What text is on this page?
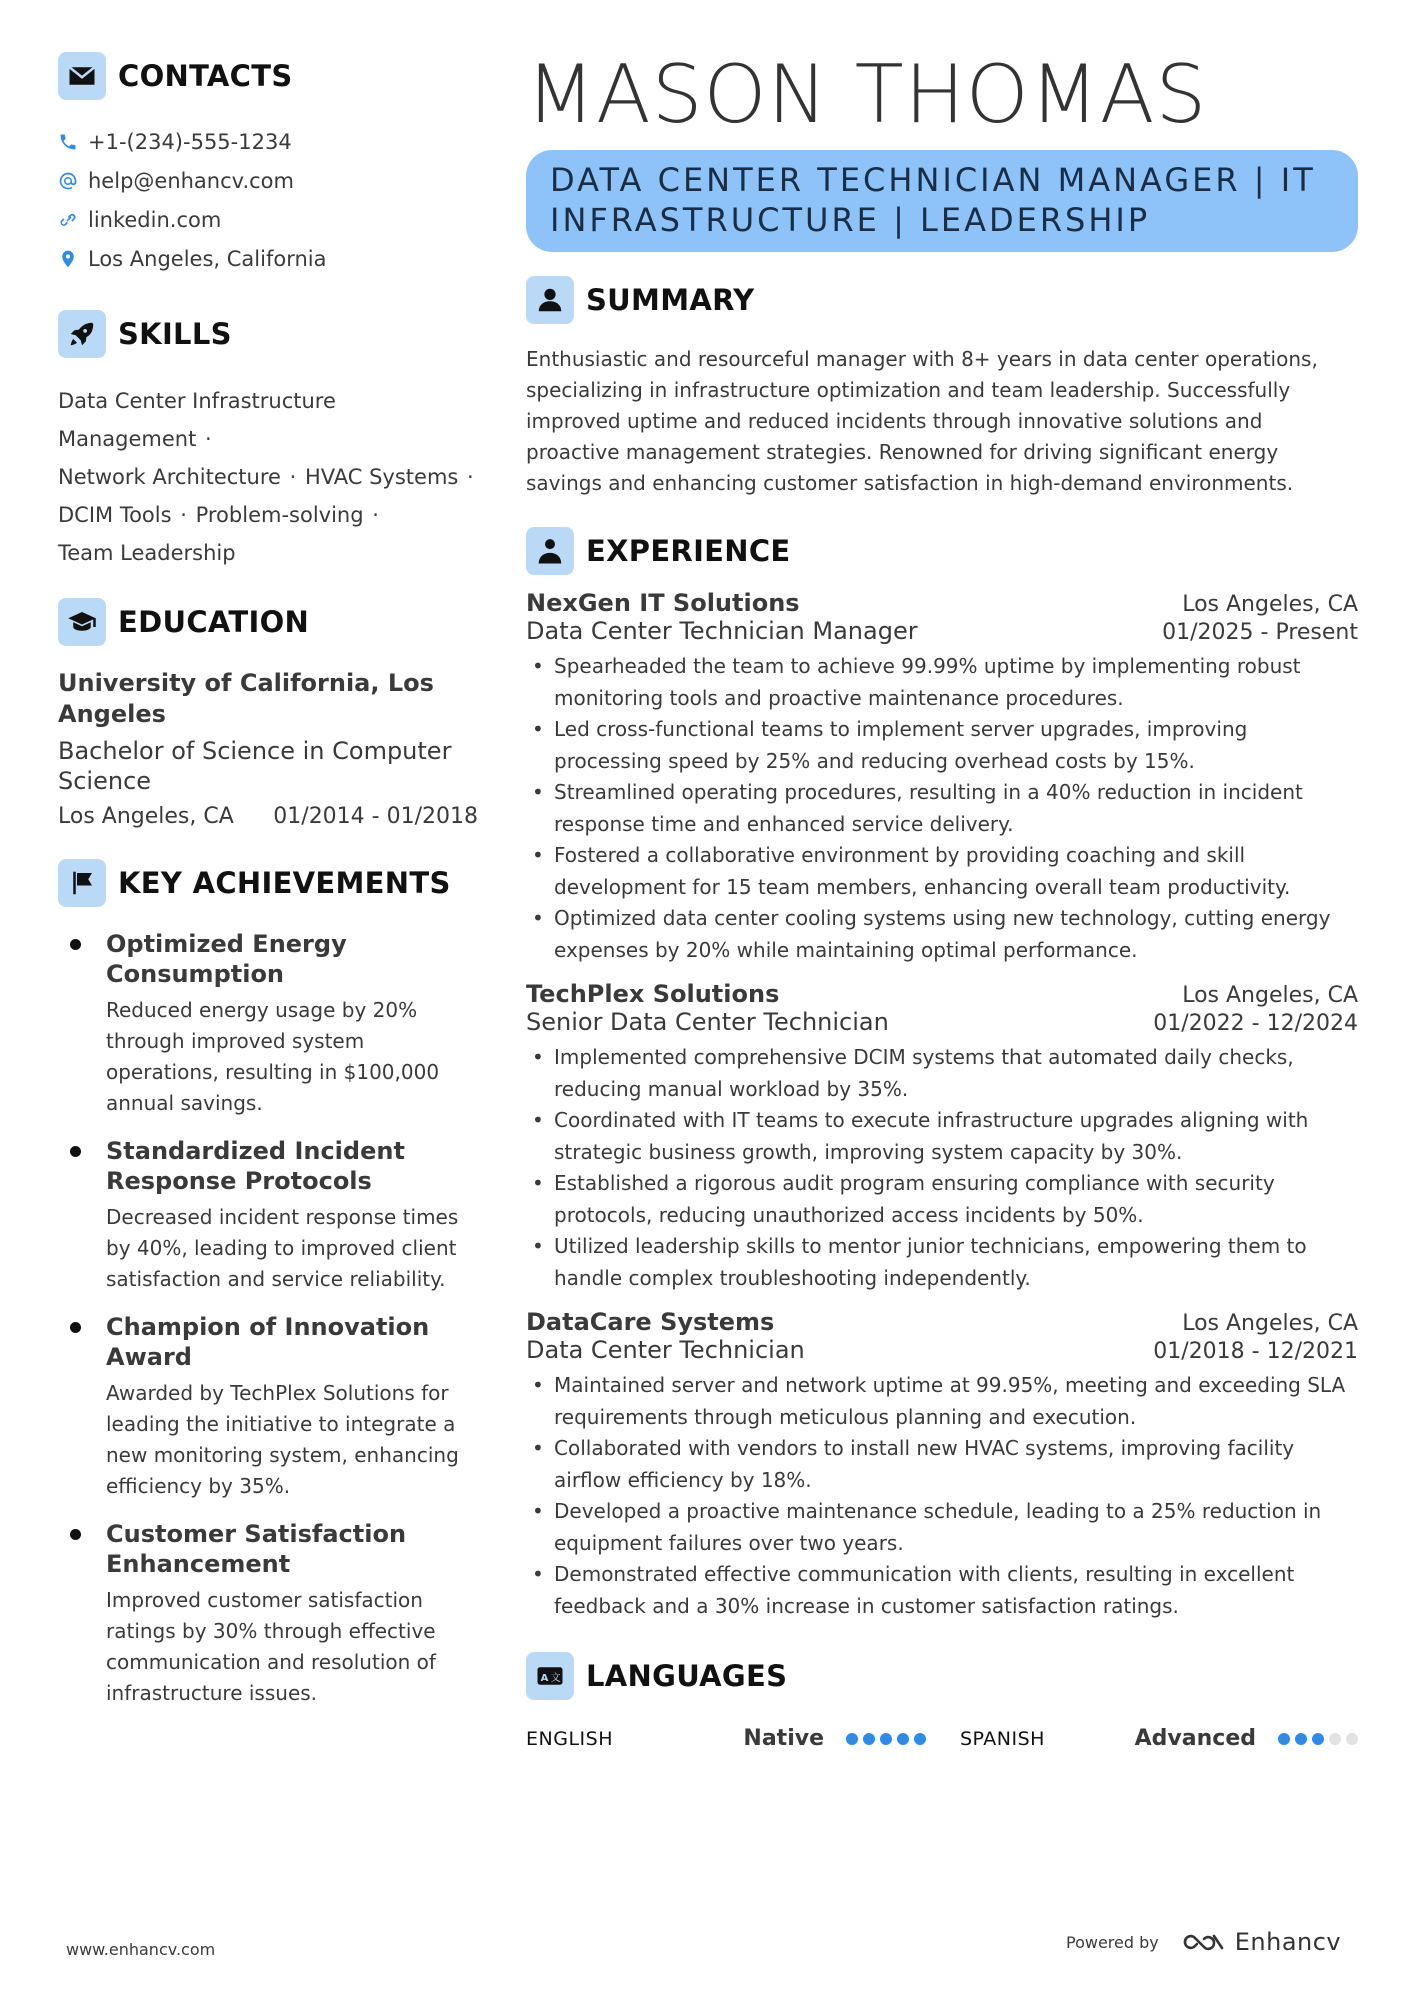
CONTACTS
+1-(234)-555-1234
help@enhancv.com
linkedin.com
Los Angeles, California
SKILLS
Data Center Infrastructure Management ·
Network Architecture · HVAC Systems ·
DCIM Tools · Problem-solving ·
Team Leadership
EDUCATION
University of California, Los Angeles
Bachelor of Science in Computer Science
Los Angeles, CA 01/2014 - 01/2018
KEY ACHIEVEMENTS
Optimized Energy Consumption
Reduced energy usage by 20% through improved system operations, resulting in $100,000 annual savings.
Standardized Incident Response Protocols
Decreased incident response times by 40%, leading to improved client satisfaction and service reliability.
Champion of Innovation Award
Awarded by TechPlex Solutions for leading the initiative to integrate a new monitoring system, enhancing efficiency by 35%.
Customer Satisfaction Enhancement
Improved customer satisfaction ratings by 30% through effective communication and resolution of infrastructure issues.
MASON THOMAS
DATA CENTER TECHNICIAN MANAGER | IT INFRASTRUCTURE | LEADERSHIP
SUMMARY
Enthusiastic and resourceful manager with 8+ years in data center operations, specializing in infrastructure optimization and team leadership. Successfully improved uptime and reduced incidents through innovative solutions and proactive management strategies. Renowned for driving significant energy savings and enhancing customer satisfaction in high-demand environments.
EXPERIENCE
NexGen IT Solutions	Los Angeles, CA
Data Center Technician Manager	01/2025 - Present
• Spearheaded the team to achieve 99.99% uptime by implementing robust monitoring tools and proactive maintenance procedures.
• Led cross-functional teams to implement server upgrades, improving processing speed by 25% and reducing overhead costs by 15%.
• Streamlined operating procedures, resulting in a 40% reduction in incident response time and enhanced service delivery.
• Fostered a collaborative environment by providing coaching and skill development for 15 team members, enhancing overall team productivity.
• Optimized data center cooling systems using new technology, cutting energy expenses by 20% while maintaining optimal performance.
TechPlex Solutions	Los Angeles, CA
Senior Data Center Technician	01/2022 - 12/2024
• Implemented comprehensive DCIM systems that automated daily checks, reducing manual workload by 35%.
• Coordinated with IT teams to execute infrastructure upgrades aligning with strategic business growth, improving system capacity by 30%.
• Established a rigorous audit program ensuring compliance with security protocols, reducing unauthorized access incidents by 50%.
• Utilized leadership skills to mentor junior technicians, empowering them to handle complex troubleshooting independently.
DataCare Systems	Los Angeles, CA
Data Center Technician	01/2018 - 12/2021
• Maintained server and network uptime at 99.95%, meeting and exceeding SLA requirements through meticulous planning and execution.
• Collaborated with vendors to install new HVAC systems, improving facility airflow efficiency by 18%.
• Developed a proactive maintenance schedule, leading to a 25% reduction in equipment failures over two years.
• Demonstrated effective communication with clients, resulting in excellent feedback and a 30% increase in customer satisfaction ratings.
A 文 LANGUAGES
ENGLISH	Native	SPANISH	Advanced
www.enhancv.com	Powered by	Enhancv
